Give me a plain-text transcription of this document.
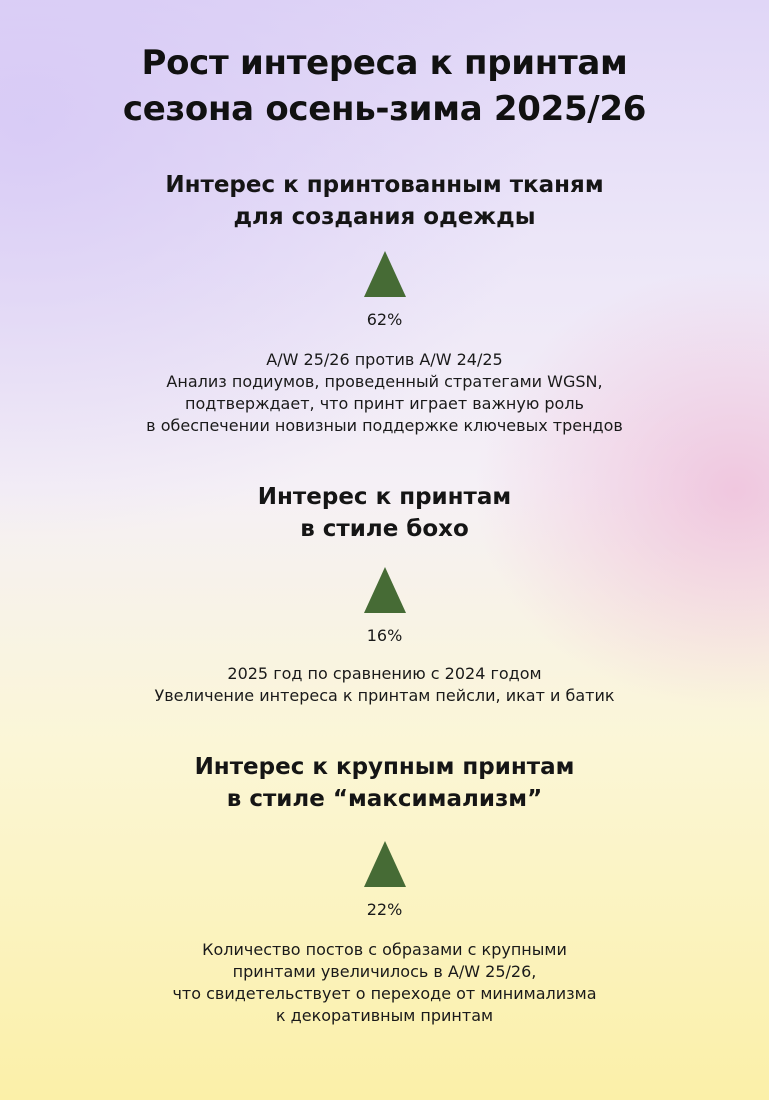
Рост интереса к принтам
сезона осень-зима 2025/26
Интерес к принтованным тканям
для создания одежды
62%
A/W 25/26 против A/W 24/25
Анализ подиумов, проведенный стратегами WGSN,
подтверждает, что принт играет важную роль
в обеспечении новизныи поддержке ключевых трендов
Интерес к принтам
в стиле бохо
16%
2025 год по сравнению с 2024 годом
Увеличение интереса к принтам пейсли, икат и батик
Интерес к крупным принтам
в стиле “максимализм”
22%
Количество постов с образами с крупными
принтами увеличилось в A/W 25/26,
что свидетельствует о переходе от минимализма
к декоративным принтам
